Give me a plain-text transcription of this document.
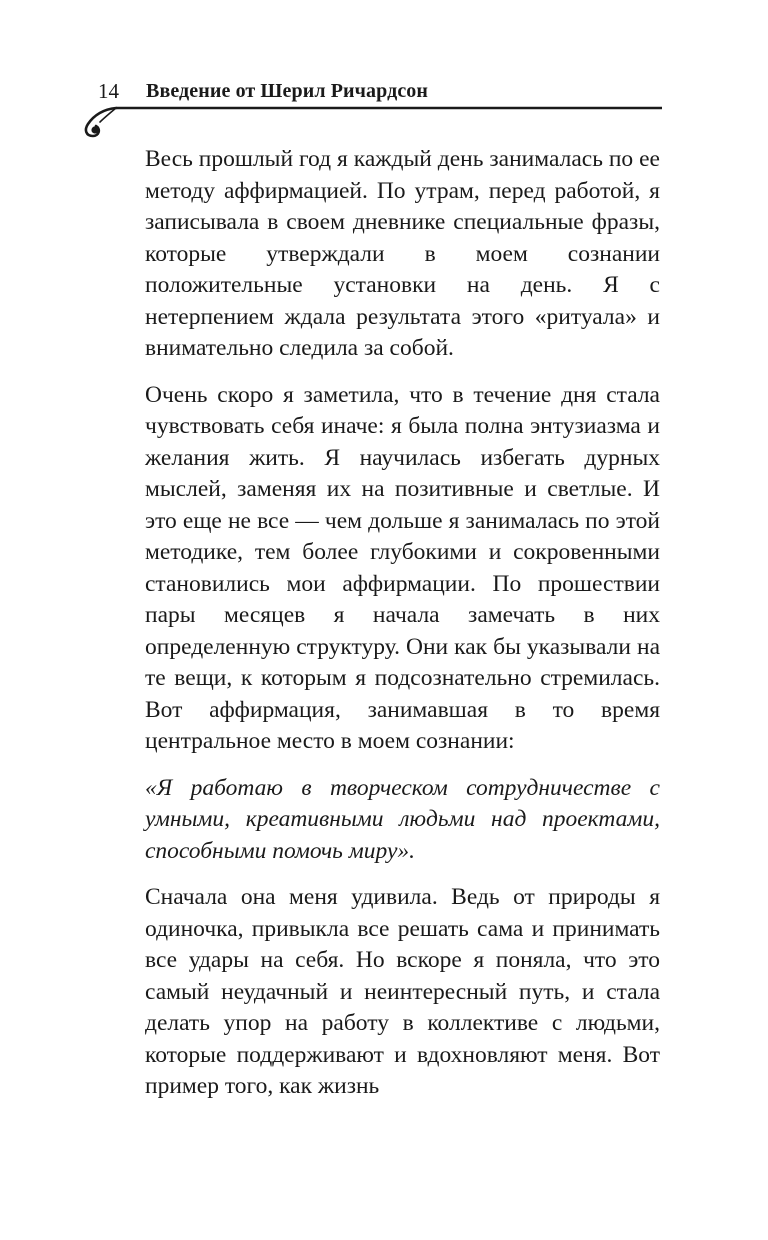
14 Введение от Шерил Ричардсон

Весь прошлый год я каждый день занималась по ее методу аффирмацией. По утрам, перед работой, я записывала в своем дневнике специальные фразы, которые утверждали в моем сознании положительные установки на день. Я с нетерпением ждала результата этого «ритуала» и внимательно следила за собой.

Очень скоро я заметила, что в течение дня стала чувствовать себя иначе: я была полна энтузиазма и желания жить. Я научилась избегать дурных мыслей, заменяя их на позитивные и светлые. И это еще не все — чем дольше я занималась по этой методике, тем более глубокими и сокровенными становились мои аффирмации. По прошествии пары месяцев я начала замечать в них определенную структуру. Они как бы указывали на те вещи, к которым я подсознательно стремилась. Вот аффирмация, занимавшая в то время центральное место в моем сознании:

«Я работаю в творческом сотрудничестве с умными, креативными людьми над проектами, способными помочь миру».

Сначала она меня удивила. Ведь от природы я одиночка, привыкла все решать сама и принимать все удары на себя. Но вскоре я поняла, что это самый неудачный и неинтересный путь, и стала делать упор на работу в коллективе с людьми, которые поддерживают и вдохновляют меня. Вот пример того, как жизнь
